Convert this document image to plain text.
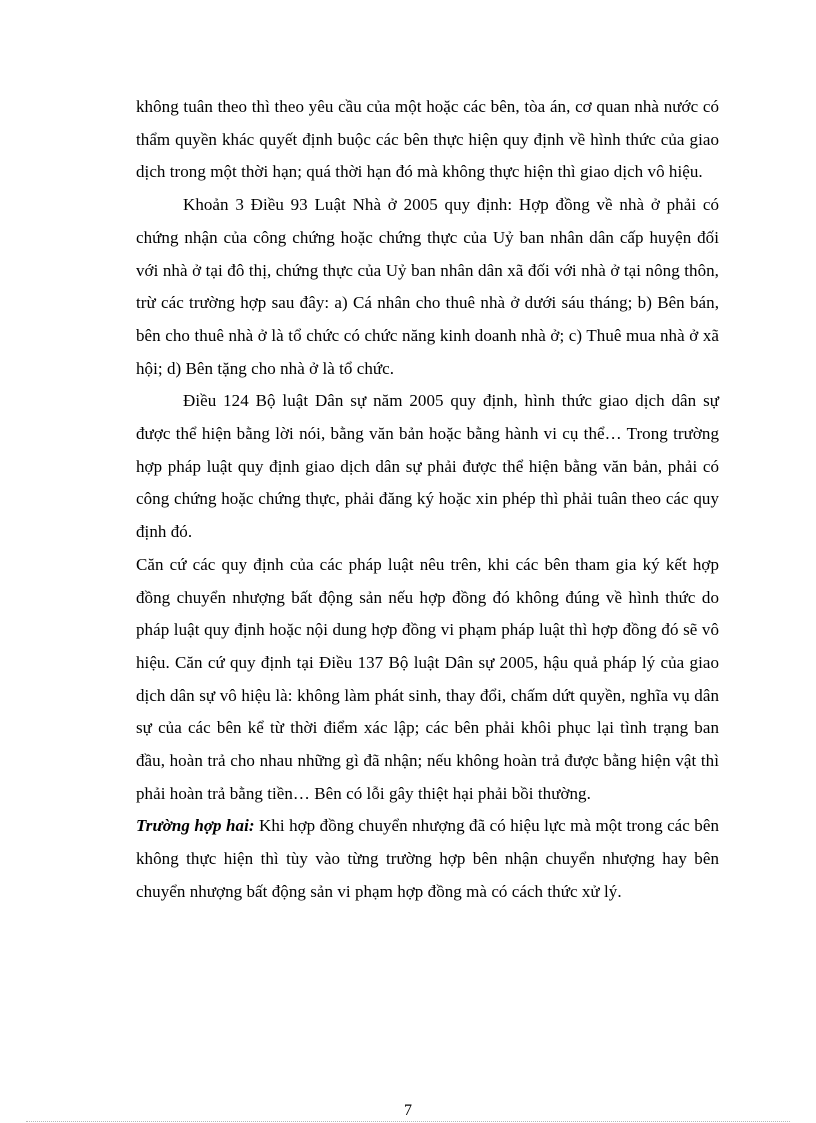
không tuân theo thì theo yêu cầu của một hoặc các bên, tòa án, cơ quan nhà nước có thẩm quyền khác quyết định buộc các bên thực hiện quy định về hình thức của giao dịch trong một thời hạn; quá thời hạn đó mà không thực hiện thì giao dịch vô hiệu.

Khoản 3 Điều 93 Luật Nhà ở 2005 quy định: Hợp đồng về nhà ở phải có chứng nhận của công chứng hoặc chứng thực của Uỷ ban nhân dân cấp huyện đối với nhà ở tại đô thị, chứng thực của Uỷ ban nhân dân xã đối với nhà ở tại nông thôn, trừ các trường hợp sau đây: a) Cá nhân cho thuê nhà ở dưới sáu tháng; b) Bên bán, bên cho thuê nhà ở là tổ chức có chức năng kinh doanh nhà ở; c) Thuê mua nhà ở xã hội; d) Bên tặng cho nhà ở là tổ chức.

Điều 124 Bộ luật Dân sự năm 2005 quy định, hình thức giao dịch dân sự được thể hiện bằng lời nói, bằng văn bản hoặc bằng hành vi cụ thể… Trong trường hợp pháp luật quy định giao dịch dân sự phải được thể hiện bằng văn bản, phải có công chứng hoặc chứng thực, phải đăng ký hoặc xin phép thì phải tuân theo các quy định đó.

Căn cứ các quy định của các pháp luật nêu trên, khi các bên tham gia ký kết hợp đồng chuyển nhượng bất động sản nếu hợp đồng đó không đúng về hình thức do pháp luật quy định hoặc nội dung hợp đồng vi phạm pháp luật thì hợp đồng đó sẽ vô hiệu. Căn cứ quy định tại Điều 137 Bộ luật Dân sự 2005, hậu quả pháp lý của giao dịch dân sự vô hiệu là: không làm phát sinh, thay đổi, chấm dứt quyền, nghĩa vụ dân sự của các bên kể từ thời điểm xác lập; các bên phải khôi phục lại tình trạng ban đầu, hoàn trả cho nhau những gì đã nhận; nếu không hoàn trả được bằng hiện vật thì phải hoàn trả bằng tiền… Bên có lỗi gây thiệt hại phải bồi thường.

Trường hợp hai: Khi hợp đồng chuyển nhượng đã có hiệu lực mà một trong các bên không thực hiện thì tùy vào từng trường hợp bên nhận chuyển nhượng hay bên chuyển nhượng bất động sản vi phạm hợp đồng mà có cách thức xử lý.

7
